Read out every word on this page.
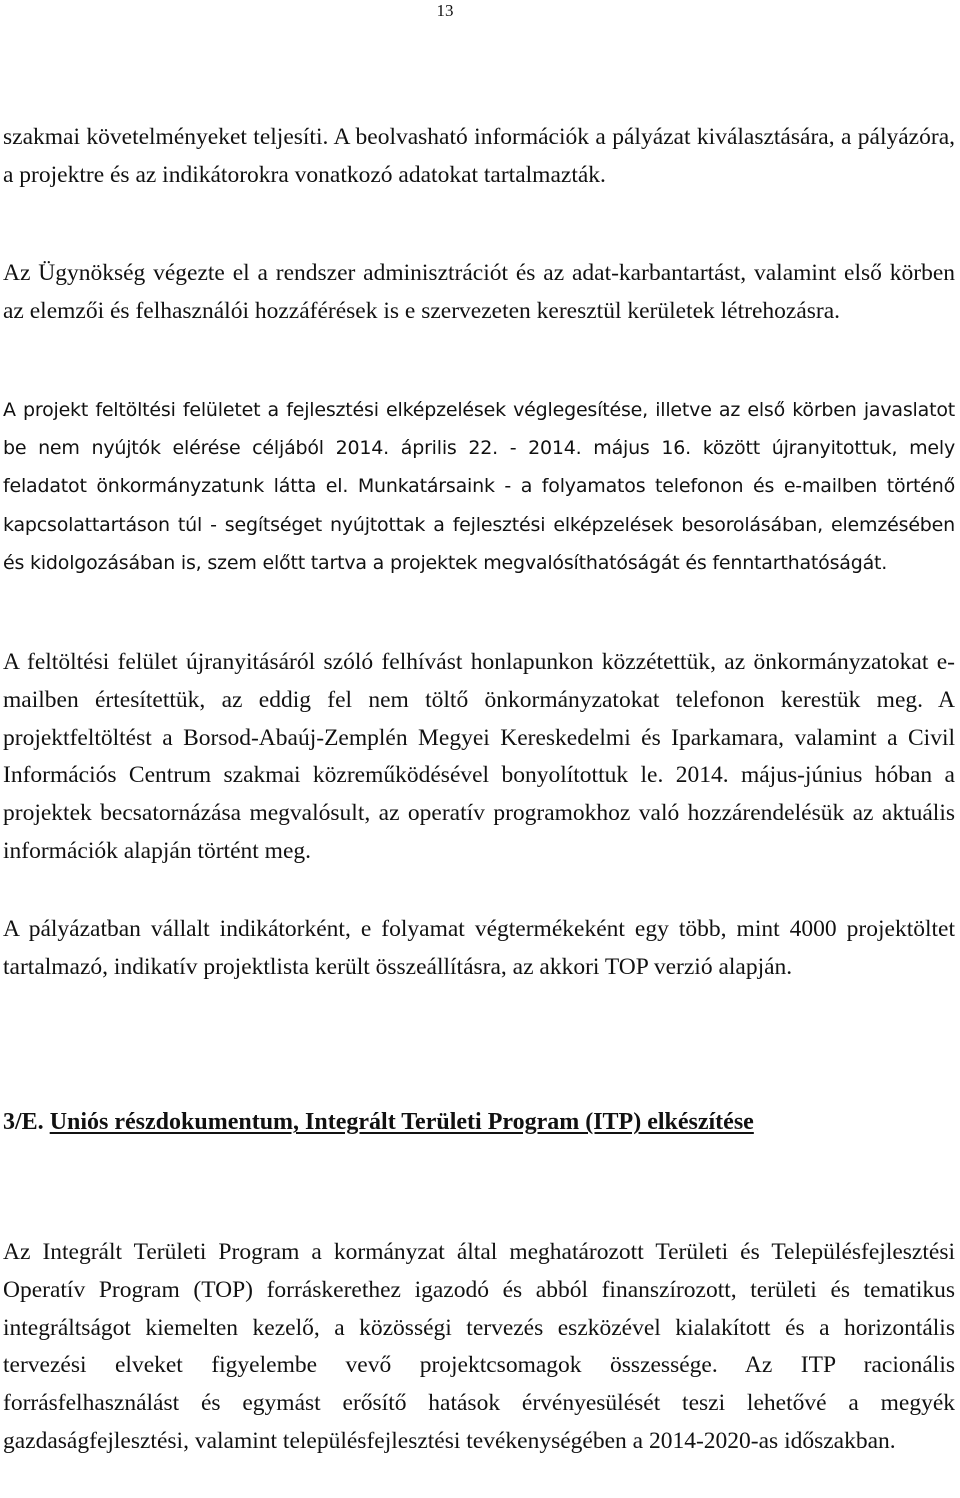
13

szakmai követelményeket teljesíti. A beolvasható információk a pályázat kiválasztására, a pályázóra, a projektre és az indikátorokra vonatkozó adatokat tartalmazták.

Az Ügynökség végezte el a rendszer adminisztrációt és az adat-karbantartást, valamint első körben az elemzői és felhasználói hozzáférések is e szervezeten keresztül kerületek létrehozásra.

A projekt feltöltési felületet a fejlesztési elképzelések véglegesítése, illetve az első körben javaslatot be nem nyújtók elérése céljából 2014. április 22. - 2014. május 16. között újranyitottuk, mely feladatot önkormányzatunk látta el. Munkatársaink - a folyamatos telefonon és e-mailben történő kapcsolattartáson túl - segítséget nyújtottak a fejlesztési elképzelések besorolásában, elemzésében és kidolgozásában is, szem előtt tartva a projektek megvalósíthatóságát és fenntarthatóságát.

A feltöltési felület újranyitásáról szóló felhívást honlapunkon közzétettük, az önkormányzatokat e-mailben értesítettük, az eddig fel nem töltő önkormányzatokat telefonon kerestük meg. A projektfeltöltést a Borsod-Abaúj-Zemplén Megyei Kereskedelmi és Iparkamara, valamint a Civil Információs Centrum szakmai közreműködésével bonyolítottuk le. 2014. május-június hóban a projektek becsatornázása megvalósult, az operatív programokhoz való hozzárendelésük az aktuális információk alapján történt meg.

A pályázatban vállalt indikátorként, e folyamat végtermékeként egy több, mint 4000 projektöltet tartalmazó, indikatív projektlista került összeállításra, az akkori TOP verzió alapján.

3/E. Uniós részdokumentum, Integrált Területi Program (ITP) elkészítése

Az Integrált Területi Program a kormányzat által meghatározott Területi és Településfejlesztési Operatív Program (TOP) forráskerethez igazodó és abból finanszírozott, területi és tematikus integráltságot kiemelten kezelő, a közösségi tervezés eszközével kialakított és a horizontális tervezési elveket figyelembe vevő projektcsomagok összessége. Az ITP racionális forrásfelhasználást és egymást erősítő hatások érvényesülését teszi lehetővé a megyék gazdaságfejlesztési, valamint településfejlesztési tevékenységében a 2014-2020-as időszakban.
